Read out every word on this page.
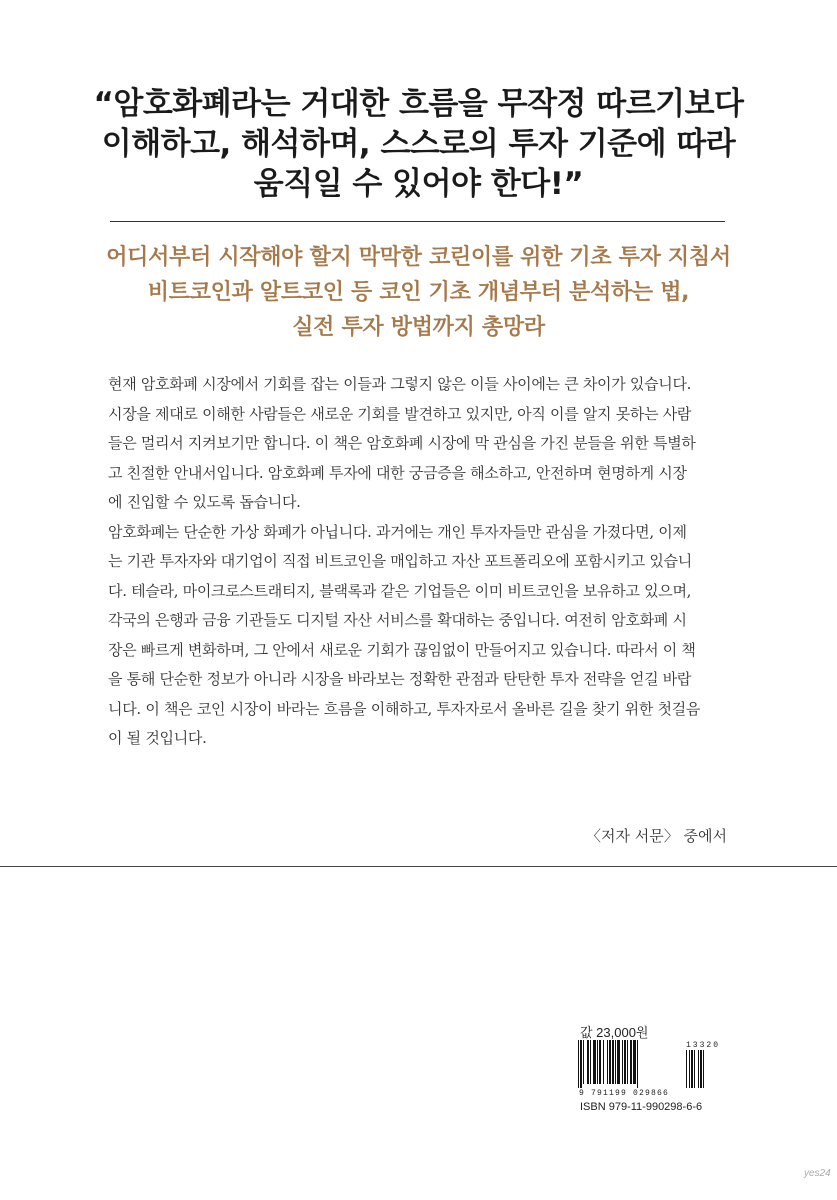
“암호화폐라는 거대한 흐름을 무작정 따르기보다
이해하고, 해석하며, 스스로의 투자 기준에 따라
움직일 수 있어야 한다!”
어디서부터 시작해야 할지 막막한 코린이를 위한 기초 투자 지침서
비트코인과 알트코인 등 코인 기초 개념부터 분석하는 법,
실전 투자 방법까지 총망라

현재 암호화폐 시장에서 기회를 잡는 이들과 그렇지 않은 이들 사이에는 큰 차이가 있습니다.
시장을 제대로 이해한 사람들은 새로운 기회를 발견하고 있지만, 아직 이를 알지 못하는 사람
들은 멀리서 지켜보기만 합니다. 이 책은 암호화폐 시장에 막 관심을 가진 분들을 위한 특별하
고 친절한 안내서입니다. 암호화폐 투자에 대한 궁금증을 해소하고, 안전하며 현명하게 시장
에 진입할 수 있도록 돕습니다.

암호화폐는 단순한 가상 화폐가 아닙니다. 과거에는 개인 투자자들만 관심을 가졌다면, 이제
는 기관 투자자와 대기업이 직접 비트코인을 매입하고 자산 포트폴리오에 포함시키고 있습니
다. 테슬라, 마이크로스트래티지, 블랙록과 같은 기업들은 이미 비트코인을 보유하고 있으며,
각국의 은행과 금융 기관들도 디지털 자산 서비스를 확대하는 중입니다. 여전히 암호화폐 시
장은 빠르게 변화하며, 그 안에서 새로운 기회가 끊임없이 만들어지고 있습니다. 따라서 이 책
을 통해 단순한 정보가 아니라 시장을 바라보는 정확한 관점과 탄탄한 투자 전략을 얻길 바랍
니다. 이 책은 코인 시장이 바라는 흐름을 이해하고, 투자자로서 올바른 길을 찾기 위한 첫걸음
이 될 것입니다.

〈저자 서문〉 중에서
값 23,000원
13320
9 791199 029866
ISBN 979-11-990298-6-6
yes24
